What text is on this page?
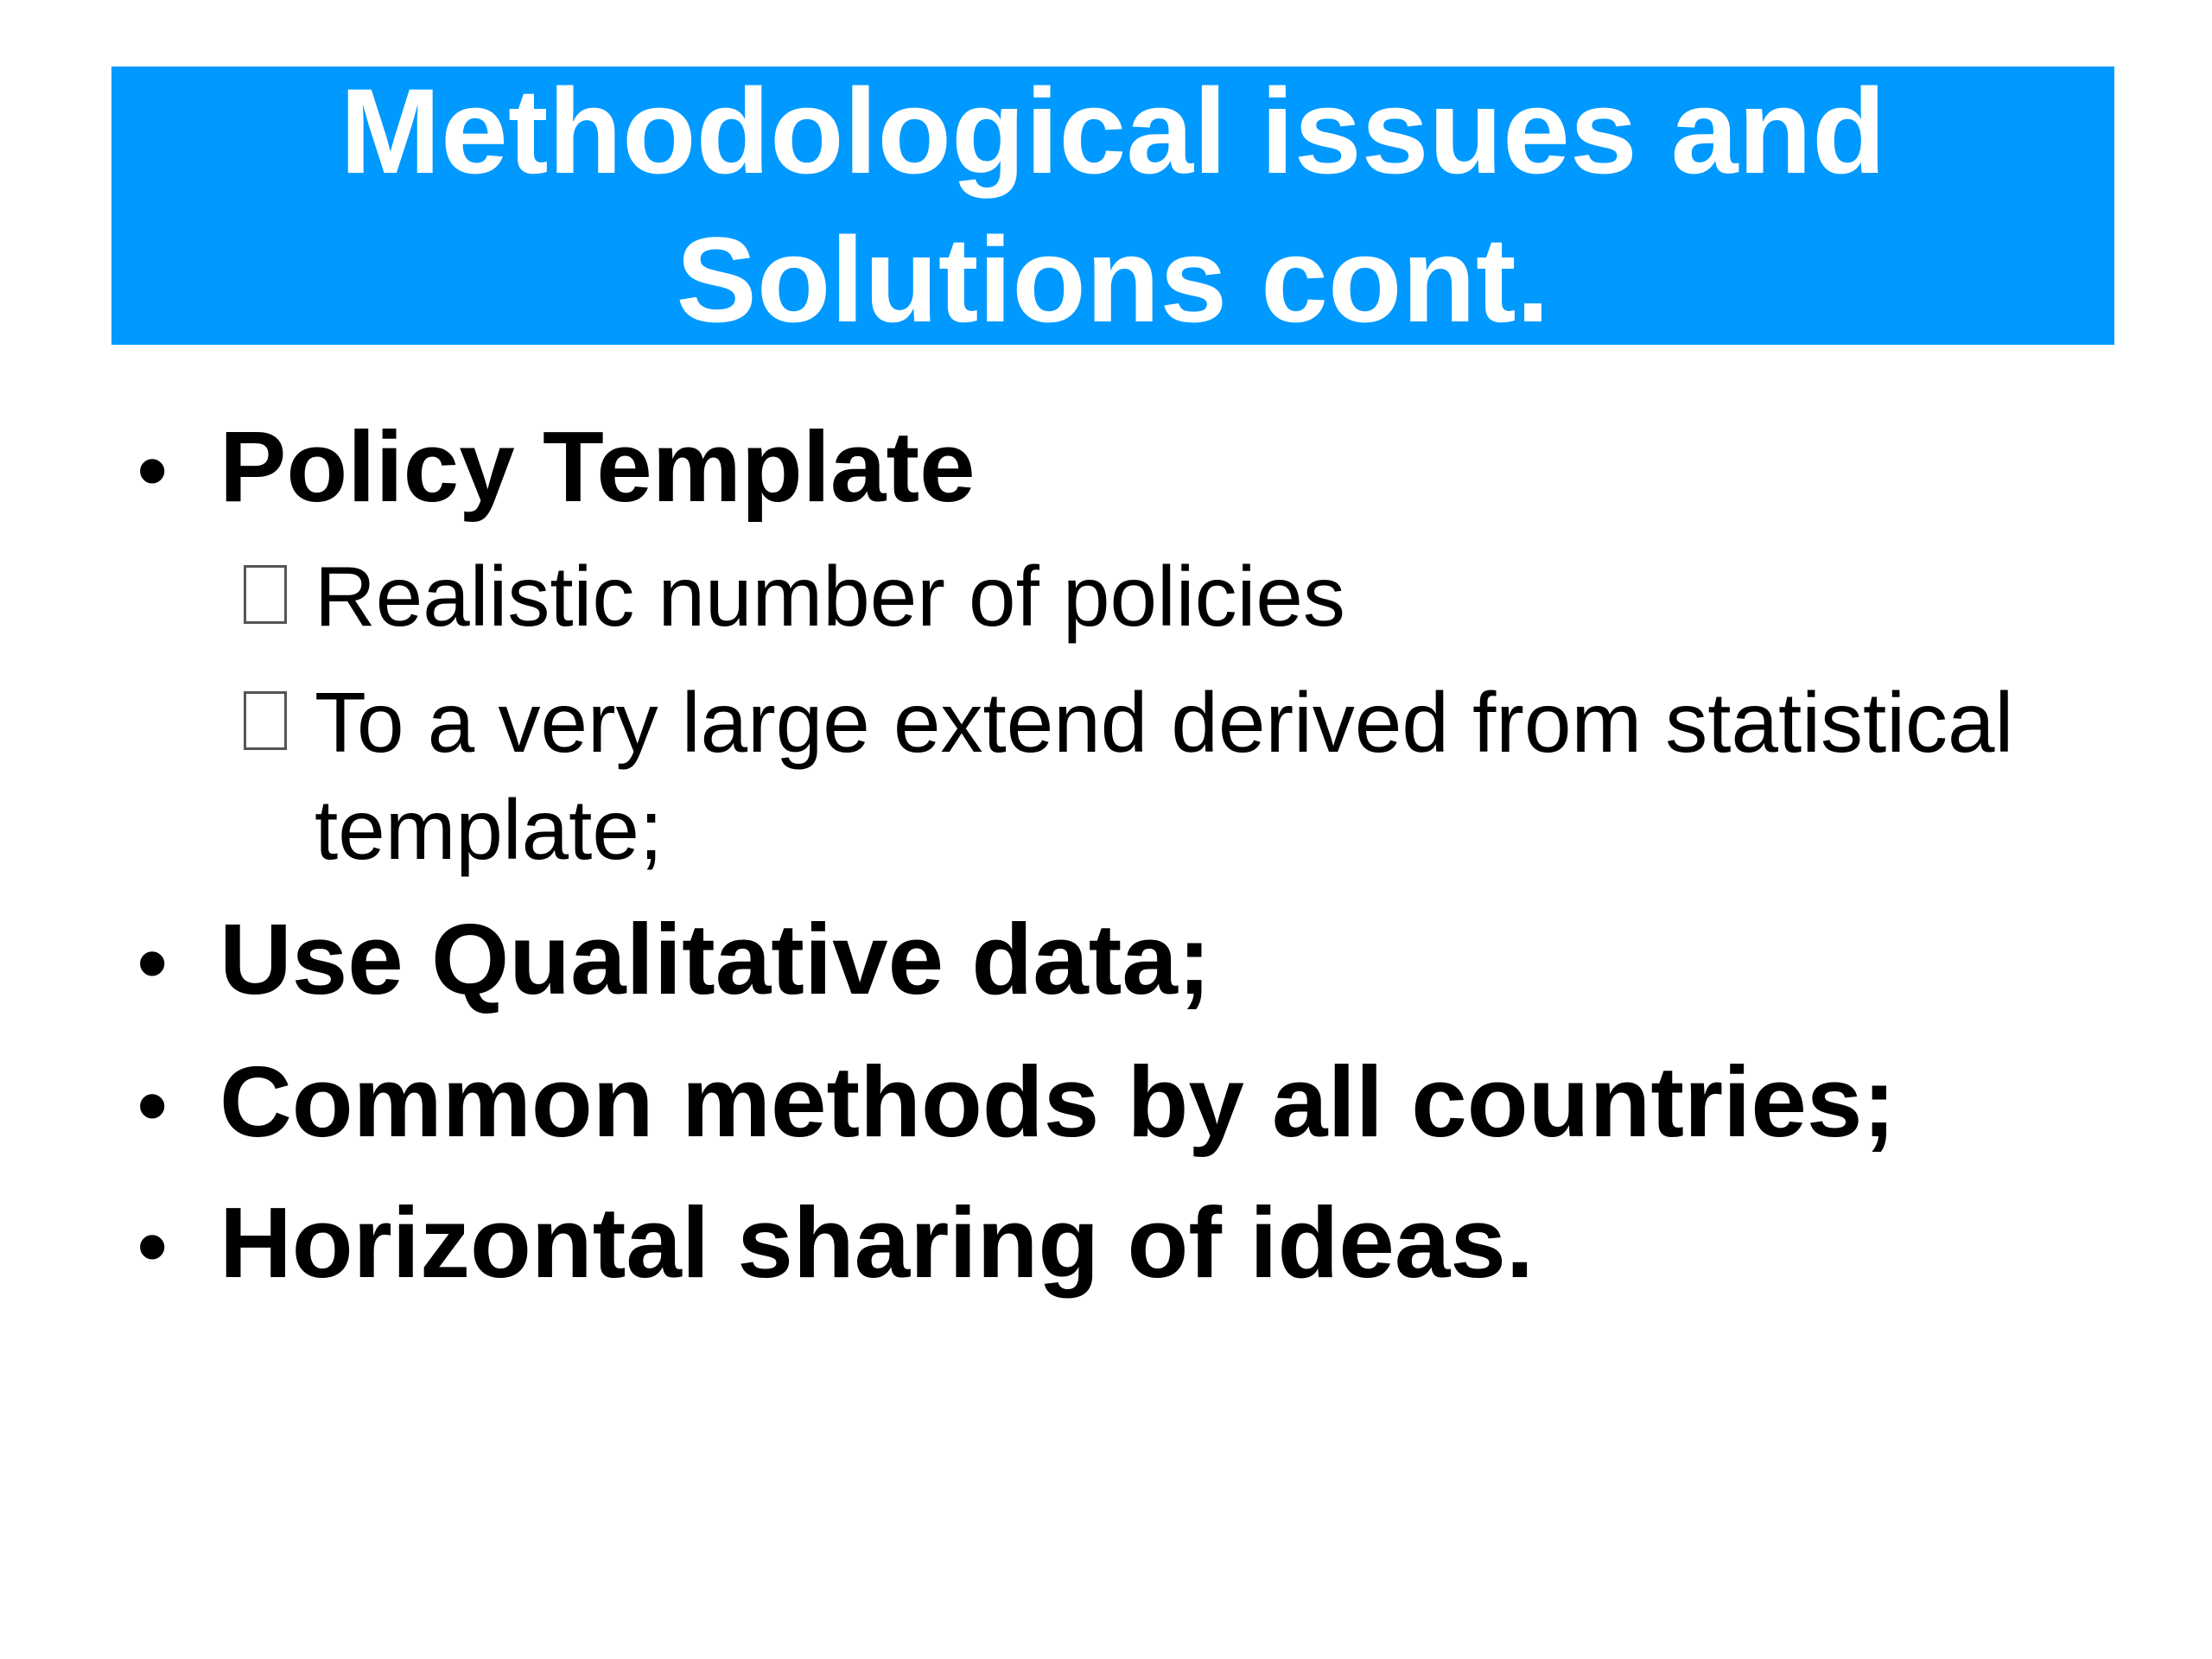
Methodological issues and
Solutions cont.
• Policy Template
Realistic number of policies
To a very large extend derived from statistical template;
• Use Qualitative data;
• Common methods by all countries;
• Horizontal sharing of ideas.
